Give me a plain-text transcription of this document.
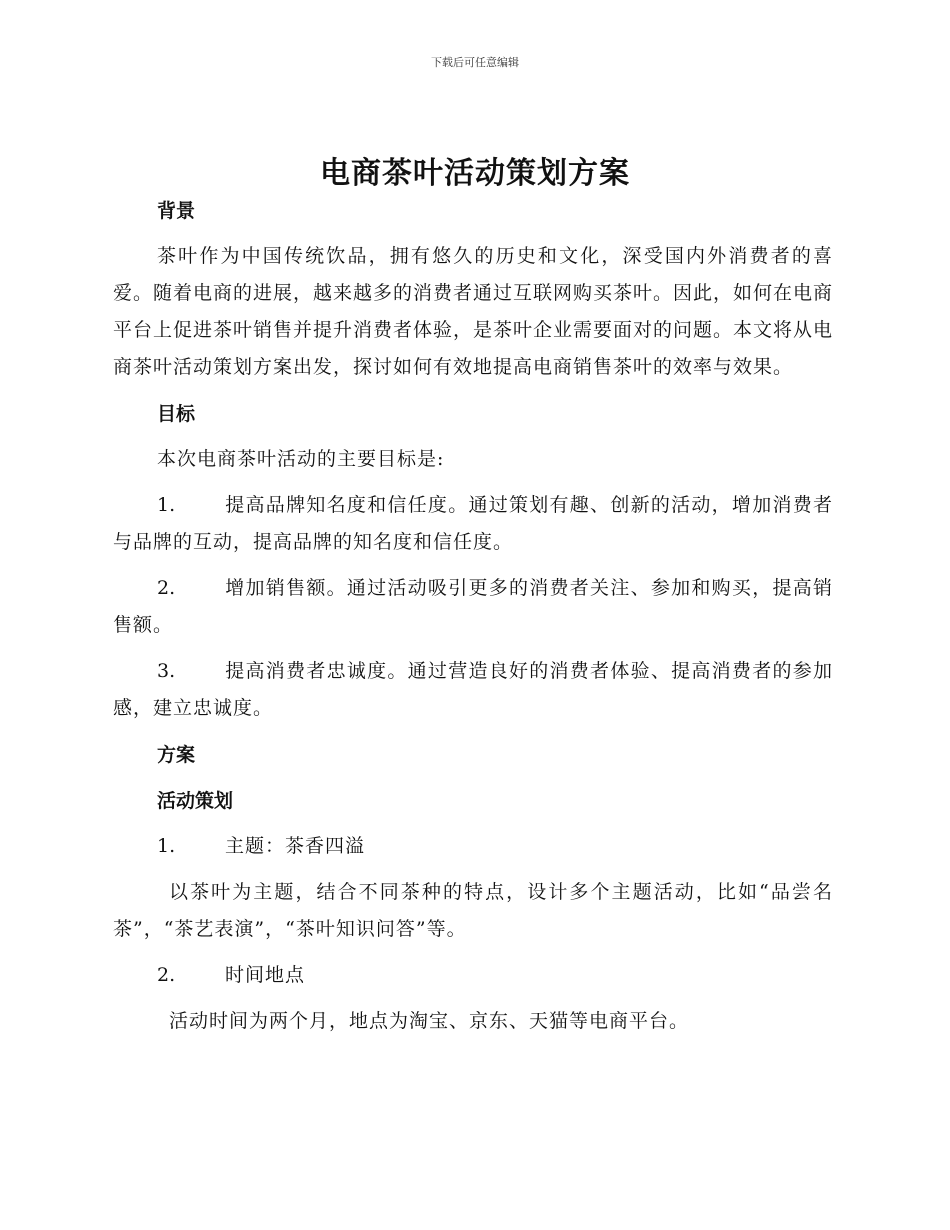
下载后可任意编辑
电商茶叶活动策划方案
背景
茶叶作为中国传统饮品，拥有悠久的历史和文化，深受国内外消费者的喜爱。随着电商的进展，越来越多的消费者通过互联网购买茶叶。因此，如何在电商平台上促进茶叶销售并提升消费者体验，是茶叶企业需要面对的问题。本文将从电商茶叶活动策划方案出发，探讨如何有效地提高电商销售茶叶的效率与效果。
目标
本次电商茶叶活动的主要目标是:
1.	提高品牌知名度和信任度。通过策划有趣、创新的活动，增加消费者与品牌的互动，提高品牌的知名度和信任度。
2.	增加销售额。通过活动吸引更多的消费者关注、参加和购买，提高销售额。
3.	提高消费者忠诚度。通过营造良好的消费者体验、提高消费者的参加感，建立忠诚度。
方案
活动策划
1.	主题：茶香四溢
以茶叶为主题，结合不同茶种的特点，设计多个主题活动，比如“品尝名茶”，“茶艺表演”，“茶叶知识问答”等。
2.	时间地点
活动时间为两个月，地点为淘宝、京东、天猫等电商平台。
